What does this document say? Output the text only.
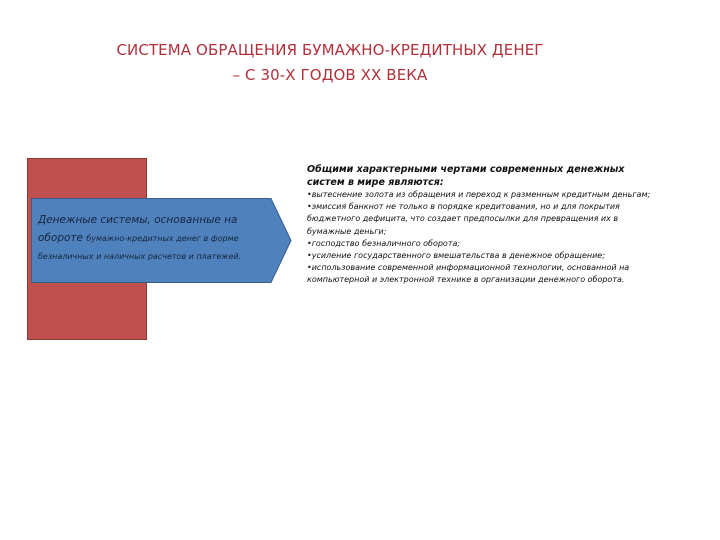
СИСТЕМА ОБРАЩЕНИЯ БУМАЖНО-КРЕДИТНЫХ ДЕНЕГ
– С 30-Х ГОДОВ XX ВЕКА
Денежные системы, основанные на обороте бумажно-кредитных денег в форме безналичных и наличных расчетов и платежей.
Общими характерными чертами современных денежных систем в мире являются:
•вытеснение золота из обращения и переход к разменным кредитным деньгам;
•эмиссия банкнот не только в порядке кредитования, но и для покрытия бюджетного дефицита, что создает предпосылки для превращения их в бумажные деньги;
•господство безналичного оборота;
•усиление государственного вмешательства в денежное обращение;
•использование современной информационной технологии, основанной на компьютерной и электронной технике в организации денежного оборота.
